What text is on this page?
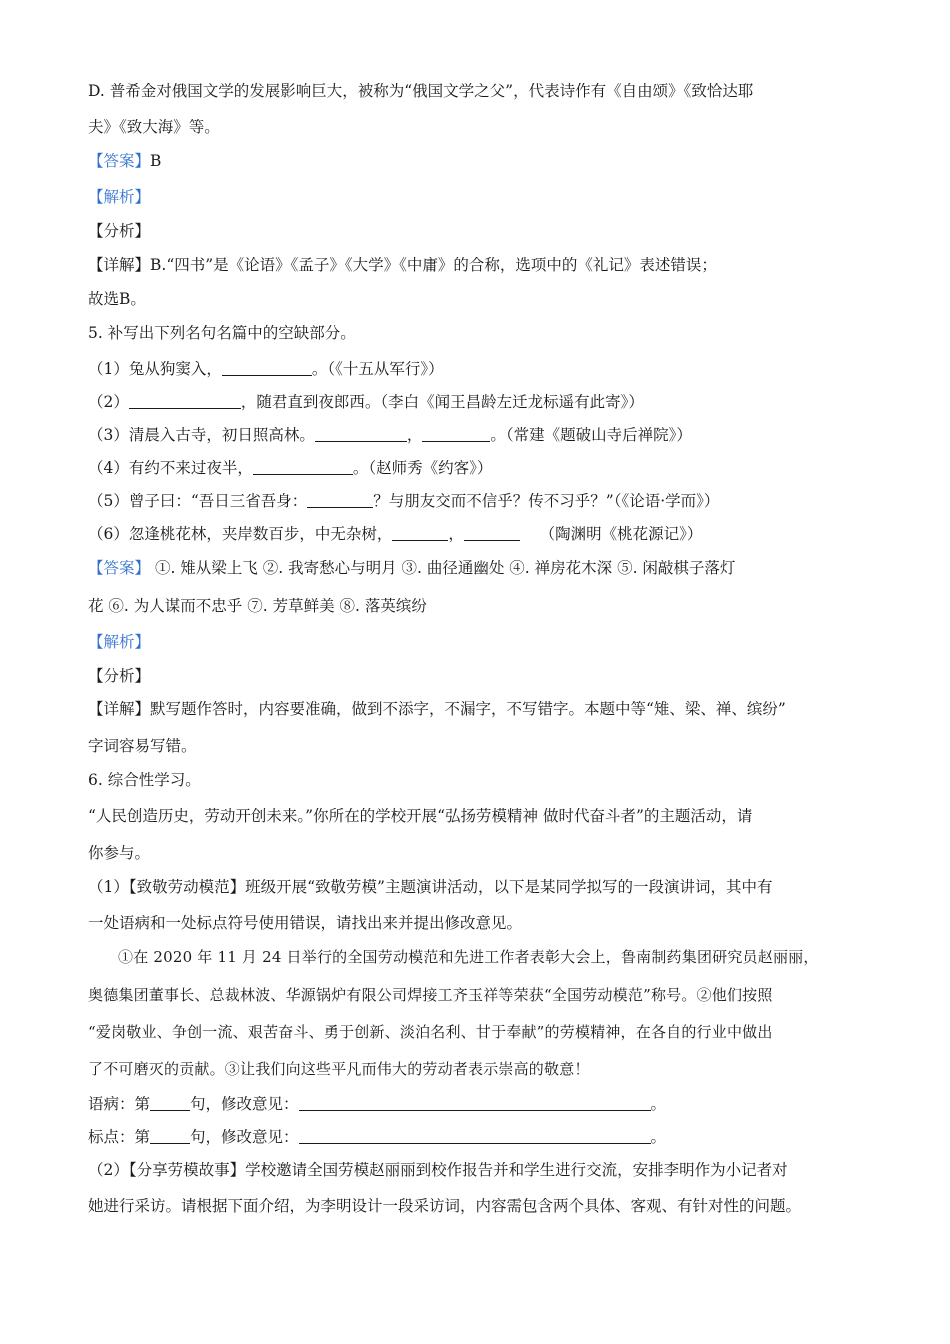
D. 普希金对俄国文学的发展影响巨大，被称为“俄国文学之父”，代表诗作有《自由颂》《致恰达耶
夫》《致大海》等。
【答案】B
【解析】
【分析】
【详解】B.“四书”是《论语》《孟子》《大学》《中庸》的合称，选项中的《礼记》表述错误；
故选B。
5. 补写出下列名句名篇中的空缺部分。
（1）兔从狗窦入，	。（《十五从军行》）
（2）	，随君直到夜郎西。（李白《闻王昌龄左迁龙标遥有此寄》）
（3）清晨入古寺，初日照高林。	，	。（常建《题破山寺后禅院》）
（4）有约不来过夜半，	。（赵师秀《约客》）
（5）曾子曰：“吾日三省吾身：	？与朋友交而不信乎？传不习乎？”（《论语·学而》）
（6）忽逢桃花林，夹岸数百步，中无杂树，	，	（陶渊明《桃花源记》）
【答案】 ①. 雉从梁上飞 ②. 我寄愁心与明月 ③. 曲径通幽处 ④. 禅房花木深 ⑤. 闲敲棋子落灯
花 ⑥. 为人谋而不忠乎 ⑦. 芳草鲜美 ⑧. 落英缤纷
【解析】
【分析】
【详解】默写题作答时，内容要准确，做到不添字，不漏字，不写错字。本题中等“雉、梁、禅、缤纷”
字词容易写错。
6. 综合性学习。
“人民创造历史，劳动开创未来。”你所在的学校开展“弘扬劳模精神 做时代奋斗者”的主题活动，请
你参与。
（1）【致敬劳动模范】班级开展“致敬劳模”主题演讲活动，以下是某同学拟写的一段演讲词，其中有
一处语病和一处标点符号使用错误，请找出来并提出修改意见。
①在 2020 年 11 月 24 日举行的全国劳动模范和先进工作者表彰大会上，鲁南制药集团研究员赵丽丽，
奥德集团董事长、总裁林波、华源锅炉有限公司焊接工齐玉祥等荣获“全国劳动模范”称号。②他们按照
“爱岗敬业、争创一流、艰苦奋斗、勇于创新、淡泊名利、甘于奉献”的劳模精神，在各自的行业中做出
了不可磨灭的贡献。③让我们向这些平凡而伟大的劳动者表示崇高的敬意！
语病：第	句，修改意见：	。
标点：第	句，修改意见：	。
（2）【分享劳模故事】学校邀请全国劳模赵丽丽到校作报告并和学生进行交流，安排李明作为小记者对
她进行采访。请根据下面介绍，为李明设计一段采访词，内容需包含两个具体、客观、有针对性的问题。
